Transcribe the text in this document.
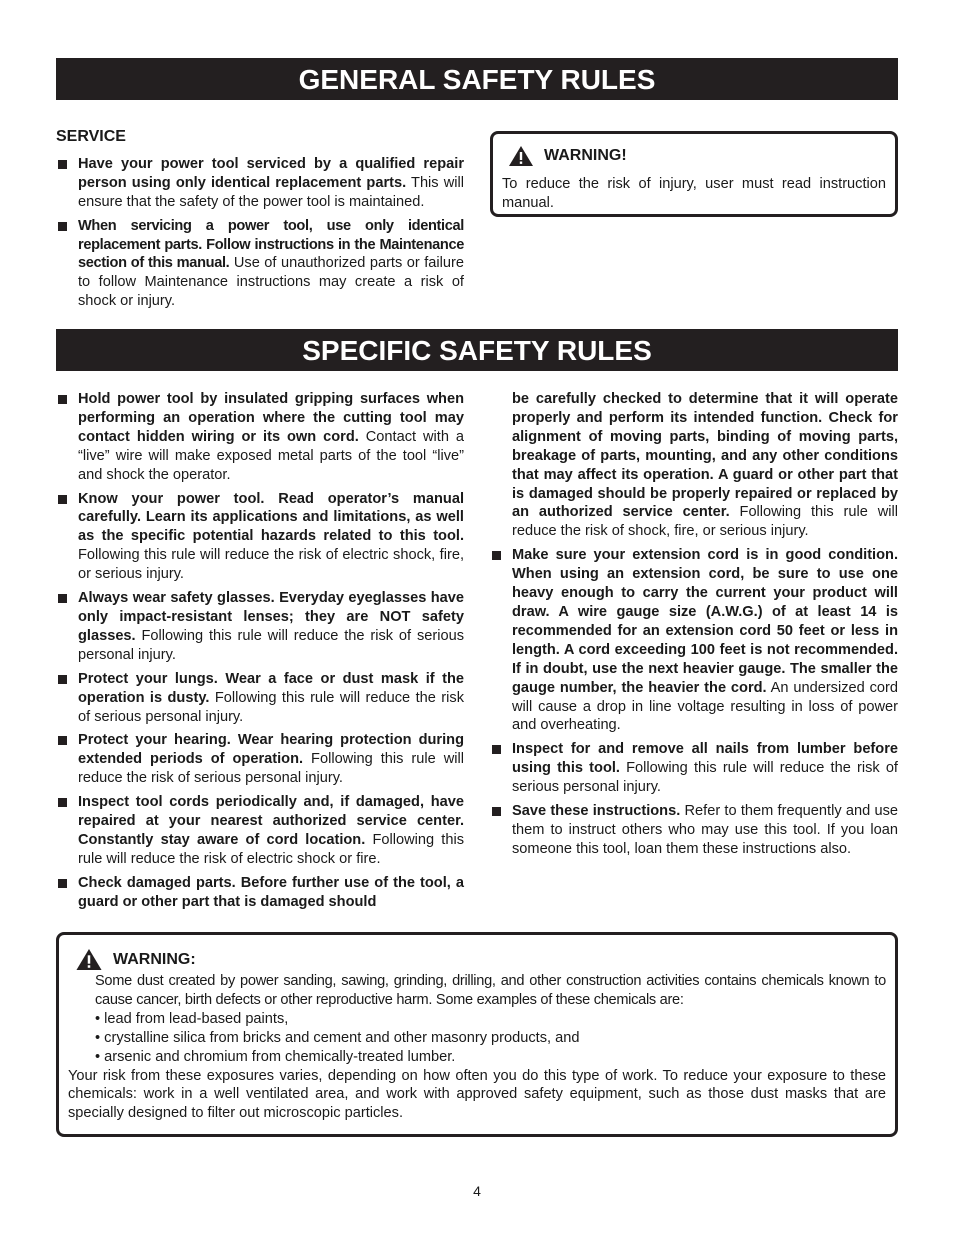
GENERAL SAFETY RULES

SERVICE

Have your power tool serviced by a qualified repair person using only identical replacement parts. This will ensure that the safety of the power tool is maintained.

When servicing a power tool, use only identical replacement parts. Follow instructions in the Maintenance section of this manual. Use of unauthorized parts or failure to follow Maintenance instructions may create a risk of shock or injury.

WARNING!
To reduce the risk of injury, user must read instruction manual.
SPECIFIC SAFETY RULES

Hold power tool by insulated gripping surfaces when performing an operation where the cutting tool may contact hidden wiring or its own cord. Contact with a “live” wire will make exposed metal parts of the tool “live” and shock the operator.

Know your power tool. Read operator’s manual carefully. Learn its applications and limitations, as well as the specific potential hazards related to this tool. Following this rule will reduce the risk of electric shock, fire, or serious injury.

Always wear safety glasses. Everyday eyeglasses have only impact-resistant lenses; they are NOT safety glasses. Following this rule will reduce the risk of serious personal injury.

Protect your lungs. Wear a face or dust mask if the operation is dusty. Following this rule will reduce the risk of serious personal injury.

Protect your hearing. Wear hearing protection during extended periods of operation. Following this rule will reduce the risk of serious personal injury.

Inspect tool cords periodically and, if damaged, have repaired at your nearest authorized service center. Constantly stay aware of cord location. Following this rule will reduce the risk of electric shock or fire.

Check damaged parts. Before further use of the tool, a guard or other part that is damaged should

be carefully checked to determine that it will operate properly and perform its intended function. Check for alignment of moving parts, binding of moving parts, breakage of parts, mounting, and any other conditions that may affect its operation. A guard or other part that is damaged should be properly repaired or replaced by an authorized service center. Following this rule will reduce the risk of shock, fire, or serious injury.

Make sure your extension cord is in good condition. When using an extension cord, be sure to use one heavy enough to carry the current your product will draw. A wire gauge size (A.W.G.) of at least 14 is recommended for an extension cord 50 feet or less in length. A cord exceeding 100 feet is not recommended. If in doubt, use the next heavier gauge. The smaller the gauge number, the heavier the cord. An undersized cord will cause a drop in line voltage resulting in loss of power and overheating.

Inspect for and remove all nails from lumber before using this tool. Following this rule will reduce the risk of serious personal injury.

Save these instructions. Refer to them frequently and use them to instruct others who may use this tool. If you loan someone this tool, loan them these instructions also.

WARNING:
Some dust created by power sanding, sawing, grinding, drilling, and other construction activities contains chemicals known to cause cancer, birth defects or other reproductive harm. Some examples of these chemicals are:
• lead from lead-based paints,
• crystalline silica from bricks and cement and other masonry products, and
• arsenic and chromium from chemically-treated lumber.
Your risk from these exposures varies, depending on how often you do this type of work. To reduce your exposure to these chemicals: work in a well ventilated area, and work with approved safety equipment, such as those dust masks that are specially designed to filter out microscopic particles.
4
